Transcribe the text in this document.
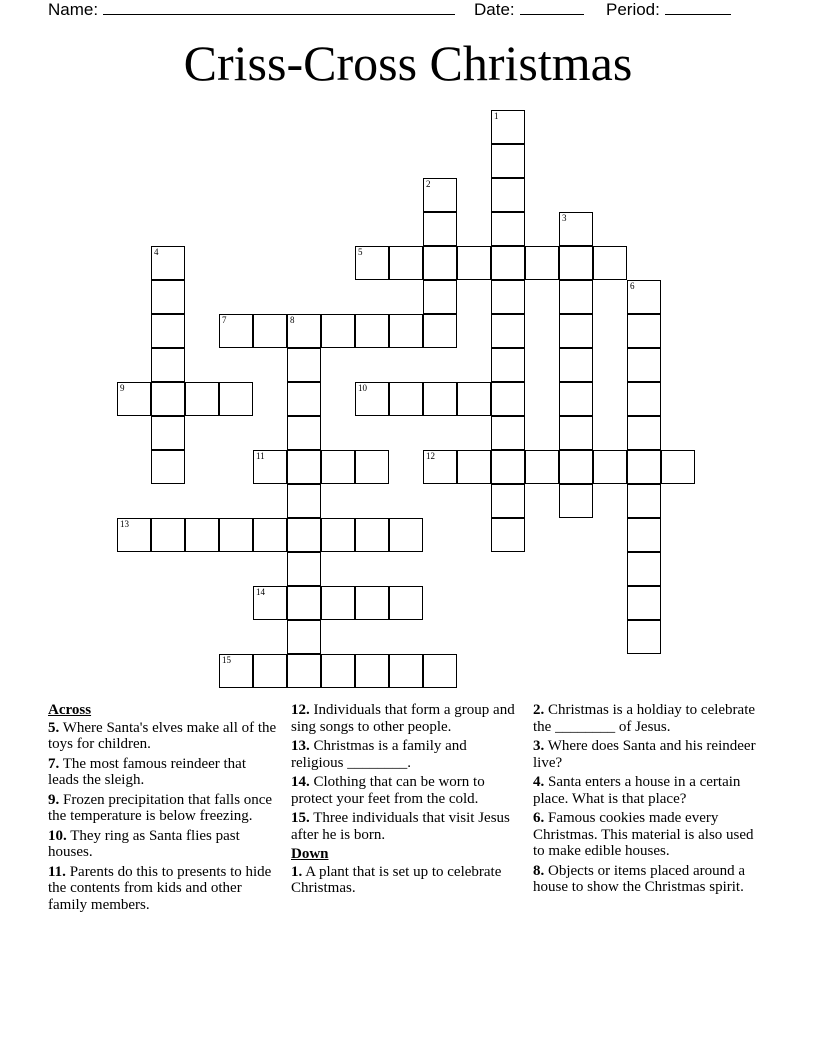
Name:	Date:	Period:
Criss-Cross Christmas
1
2
3
4	5
6
7	8
9	10
11	12
13
14
15
Across
5. Where Santa's elves make all of the toys for children.
7. The most famous reindeer that leads the sleigh.
9. Frozen precipitation that falls once the temperature is below freezing.
10. They ring as Santa flies past houses.
11. Parents do this to presents to hide the contents from kids and other family members.
12. Individuals that form a group and sing songs to other people.
13. Christmas is a family and religious ________.
14. Clothing that can be worn to protect your feet from the cold.
15. Three individuals that visit Jesus after he is born.
Down
1. A plant that is set up to celebrate Christmas.
2. Christmas is a holdiay to celebrate the ________ of Jesus.
3. Where does Santa and his reindeer live?
4. Santa enters a house in a certain place. What is that place?
6. Famous cookies made every Christmas. This material is also used to make edible houses.
8. Objects or items placed around a house to show the Christmas spirit.
